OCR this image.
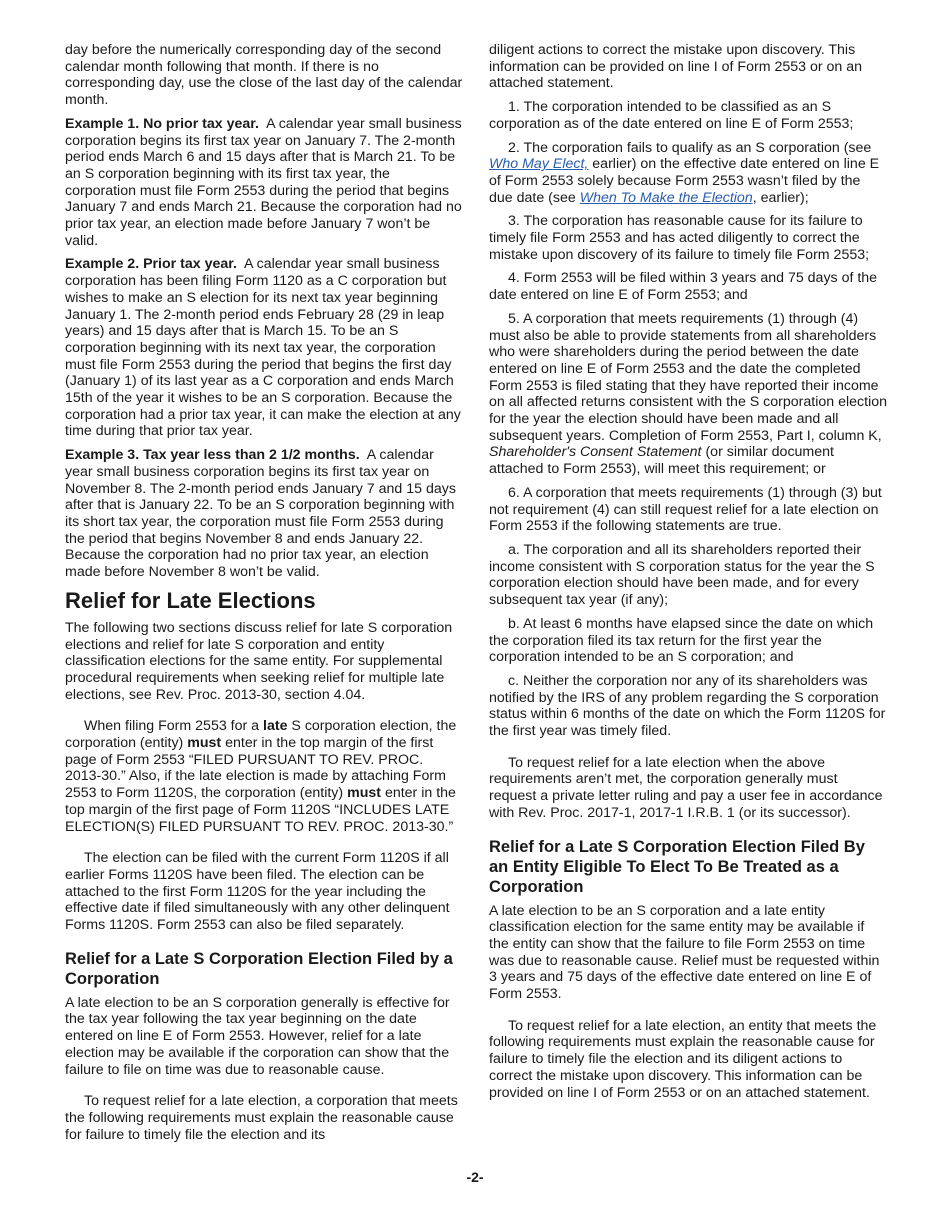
day before the numerically corresponding day of the second calendar month following that month. If there is no corresponding day, use the close of the last day of the calendar month.

Example 1. No prior tax year. A calendar year small business corporation begins its first tax year on January 7. The 2-month period ends March 6 and 15 days after that is March 21. To be an S corporation beginning with its first tax year, the corporation must file Form 2553 during the period that begins January 7 and ends March 21. Because the corporation had no prior tax year, an election made before January 7 won’t be valid.

Example 2. Prior tax year. A calendar year small business corporation has been filing Form 1120 as a C corporation but wishes to make an S election for its next tax year beginning January 1. The 2-month period ends February 28 (29 in leap years) and 15 days after that is March 15. To be an S corporation beginning with its next tax year, the corporation must file Form 2553 during the period that begins the first day (January 1) of its last year as a C corporation and ends March 15th of the year it wishes to be an S corporation. Because the corporation had a prior tax year, it can make the election at any time during that prior tax year.

Example 3. Tax year less than 2 1/2 months. A calendar year small business corporation begins its first tax year on November 8. The 2-month period ends January 7 and 15 days after that is January 22. To be an S corporation beginning with its short tax year, the corporation must file Form 2553 during the period that begins November 8 and ends January 22. Because the corporation had no prior tax year, an election made before November 8 won’t be valid.

Relief for Late Elections

The following two sections discuss relief for late S corporation elections and relief for late S corporation and entity classification elections for the same entity. For supplemental procedural requirements when seeking relief for multiple late elections, see Rev. Proc. 2013-30, section 4.04.

When filing Form 2553 for a late S corporation election, the corporation (entity) must enter in the top margin of the first page of Form 2553 “FILED PURSUANT TO REV. PROC. 2013-30.” Also, if the late election is made by attaching Form 2553 to Form 1120S, the corporation (entity) must enter in the top margin of the first page of Form 1120S “INCLUDES LATE ELECTION(S) FILED PURSUANT TO REV. PROC. 2013-30.”

The election can be filed with the current Form 1120S if all earlier Forms 1120S have been filed. The election can be attached to the first Form 1120S for the year including the effective date if filed simultaneously with any other delinquent Forms 1120S. Form 2553 can also be filed separately.

Relief for a Late S Corporation Election Filed by a Corporation

A late election to be an S corporation generally is effective for the tax year following the tax year beginning on the date entered on line E of Form 2553. However, relief for a late election may be available if the corporation can show that the failure to file on time was due to reasonable cause.

To request relief for a late election, a corporation that meets the following requirements must explain the reasonable cause for failure to timely file the election and its

diligent actions to correct the mistake upon discovery. This information can be provided on line I of Form 2553 or on an attached statement.

1. The corporation intended to be classified as an S corporation as of the date entered on line E of Form 2553;

2. The corporation fails to qualify as an S corporation (see Who May Elect, earlier) on the effective date entered on line E of Form 2553 solely because Form 2553 wasn’t filed by the due date (see When To Make the Election, earlier);

3. The corporation has reasonable cause for its failure to timely file Form 2553 and has acted diligently to correct the mistake upon discovery of its failure to timely file Form 2553;

4. Form 2553 will be filed within 3 years and 75 days of the date entered on line E of Form 2553; and

5. A corporation that meets requirements (1) through (4) must also be able to provide statements from all shareholders who were shareholders during the period between the date entered on line E of Form 2553 and the date the completed Form 2553 is filed stating that they have reported their income on all affected returns consistent with the S corporation election for the year the election should have been made and all subsequent years. Completion of Form 2553, Part I, column K, Shareholder's Consent Statement (or similar document attached to Form 2553), will meet this requirement; or

6. A corporation that meets requirements (1) through (3) but not requirement (4) can still request relief for a late election on Form 2553 if the following statements are true.

a. The corporation and all its shareholders reported their income consistent with S corporation status for the year the S corporation election should have been made, and for every subsequent tax year (if any);

b. At least 6 months have elapsed since the date on which the corporation filed its tax return for the first year the corporation intended to be an S corporation; and

c. Neither the corporation nor any of its shareholders was notified by the IRS of any problem regarding the S corporation status within 6 months of the date on which the Form 1120S for the first year was timely filed.

To request relief for a late election when the above requirements aren’t met, the corporation generally must request a private letter ruling and pay a user fee in accordance with Rev. Proc. 2017-1, 2017-1 I.R.B. 1 (or its successor).

Relief for a Late S Corporation Election Filed By an Entity Eligible To Elect To Be Treated as a Corporation

A late election to be an S corporation and a late entity classification election for the same entity may be available if the entity can show that the failure to file Form 2553 on time was due to reasonable cause. Relief must be requested within 3 years and 75 days of the effective date entered on line E of Form 2553.

To request relief for a late election, an entity that meets the following requirements must explain the reasonable cause for failure to timely file the election and its diligent actions to correct the mistake upon discovery. This information can be provided on line I of Form 2553 or on an attached statement.

-2-
